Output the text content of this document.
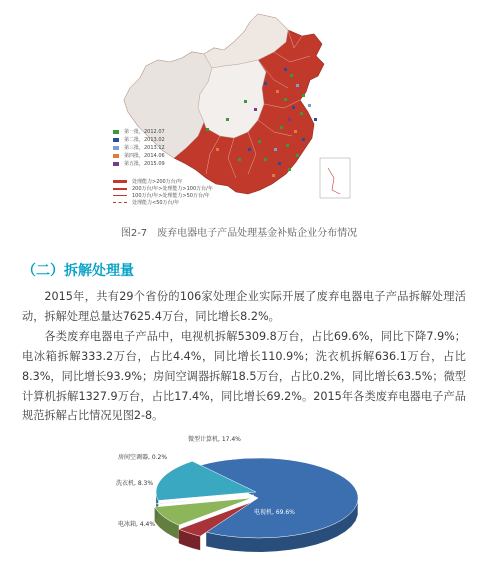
第一批，2012.07
第二批，2013.02
第三批，2013.12
第四批，2014.06
第五批，2015.09
处理能力>200万台/年
200万台/年>处理能力>100万台/年
100万台/年>处理能力>50万台/年
处理能力<50万台/年
图2-7　废弃电器电子产品处理基金补贴企业分布情况
（二）拆解处理量

2015年，共有29个省份的106家处理企业实际开展了废弃电器电子产品拆解处理活动，拆解处理总量达7625.4万台，同比增长8.2%。

各类废弃电器电子产品中，电视机拆解5309.8万台，占比69.6%，同比下降7.9%；电冰箱拆解333.2万台，占比4.4%，同比增长110.9%；洗衣机拆解636.1万台，占比8.3%，同比增长93.9%；房间空调器拆解18.5万台，占比0.2%，同比增长63.5%；微型计算机拆解1327.9万台，占比17.4%，同比增长69.2%。2015年各类废弃电器电子产品规范拆解占比情况见图2-8。

电视机, 69.6%
电冰箱, 4.4%
洗衣机, 8.3%
房间空调器, 0.2%
微型计算机, 17.4%
